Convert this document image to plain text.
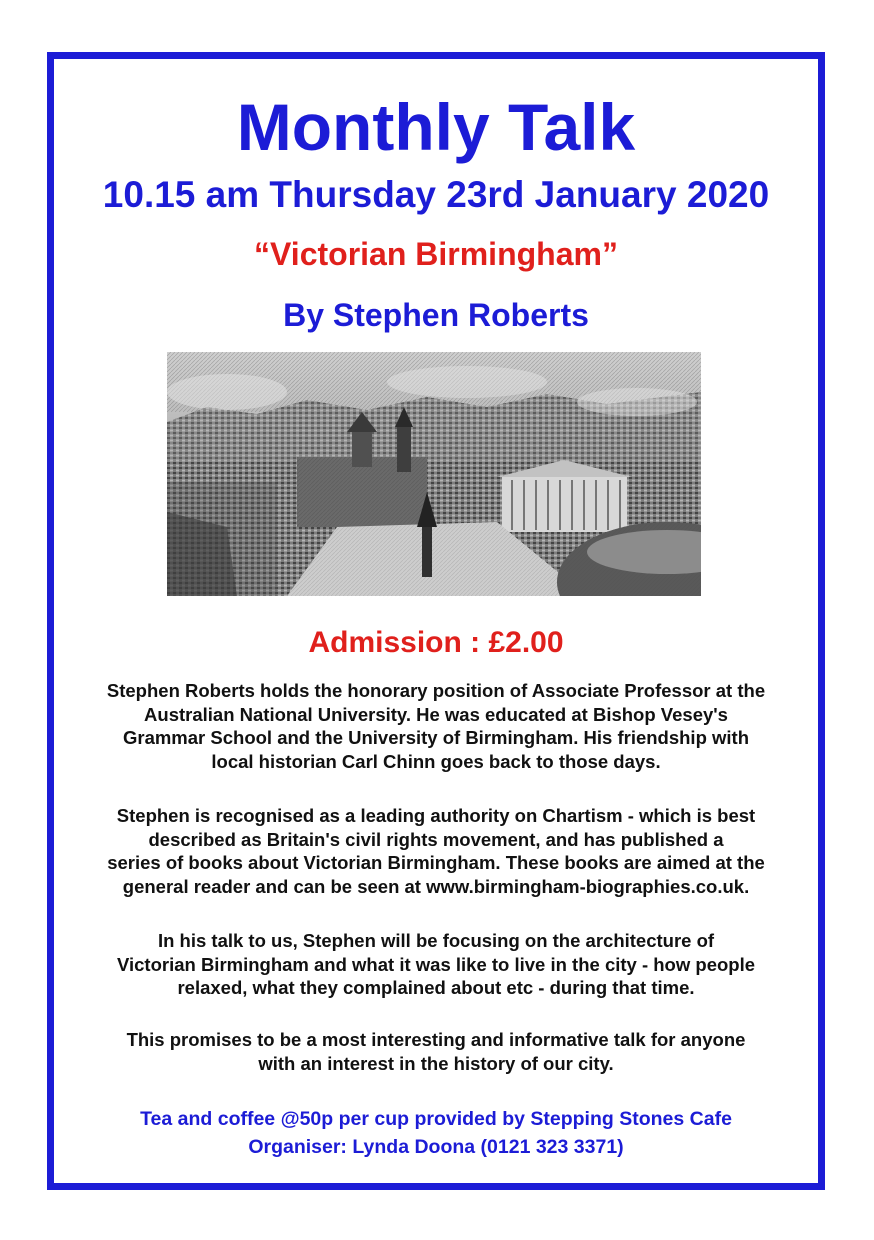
Monthly Talk
10.15 am Thursday 23rd January 2020
“Victorian Birmingham”
By Stephen Roberts
Admission : £2.00
Stephen Roberts holds the honorary position of Associate Professor at the
Australian National University. He was educated at Bishop Vesey's
Grammar School and the University of Birmingham. His friendship with
local historian Carl Chinn goes back to those days.
Stephen is recognised as a leading authority on Chartism - which is best
described as Britain's civil rights movement, and has published a
series of books about Victorian Birmingham. These books are aimed at the
general reader and can be seen at www.birmingham-biographies.co.uk.
In his talk to us, Stephen will be focusing on the architecture of
Victorian Birmingham and what it was like to live in the city - how people
relaxed, what they complained about etc - during that time.
This promises to be a most interesting and informative talk for anyone
with an interest in the history of our city.
Tea and coffee @50p per cup provided by Stepping Stones Cafe
Organiser: Lynda Doona (0121 323 3371)
